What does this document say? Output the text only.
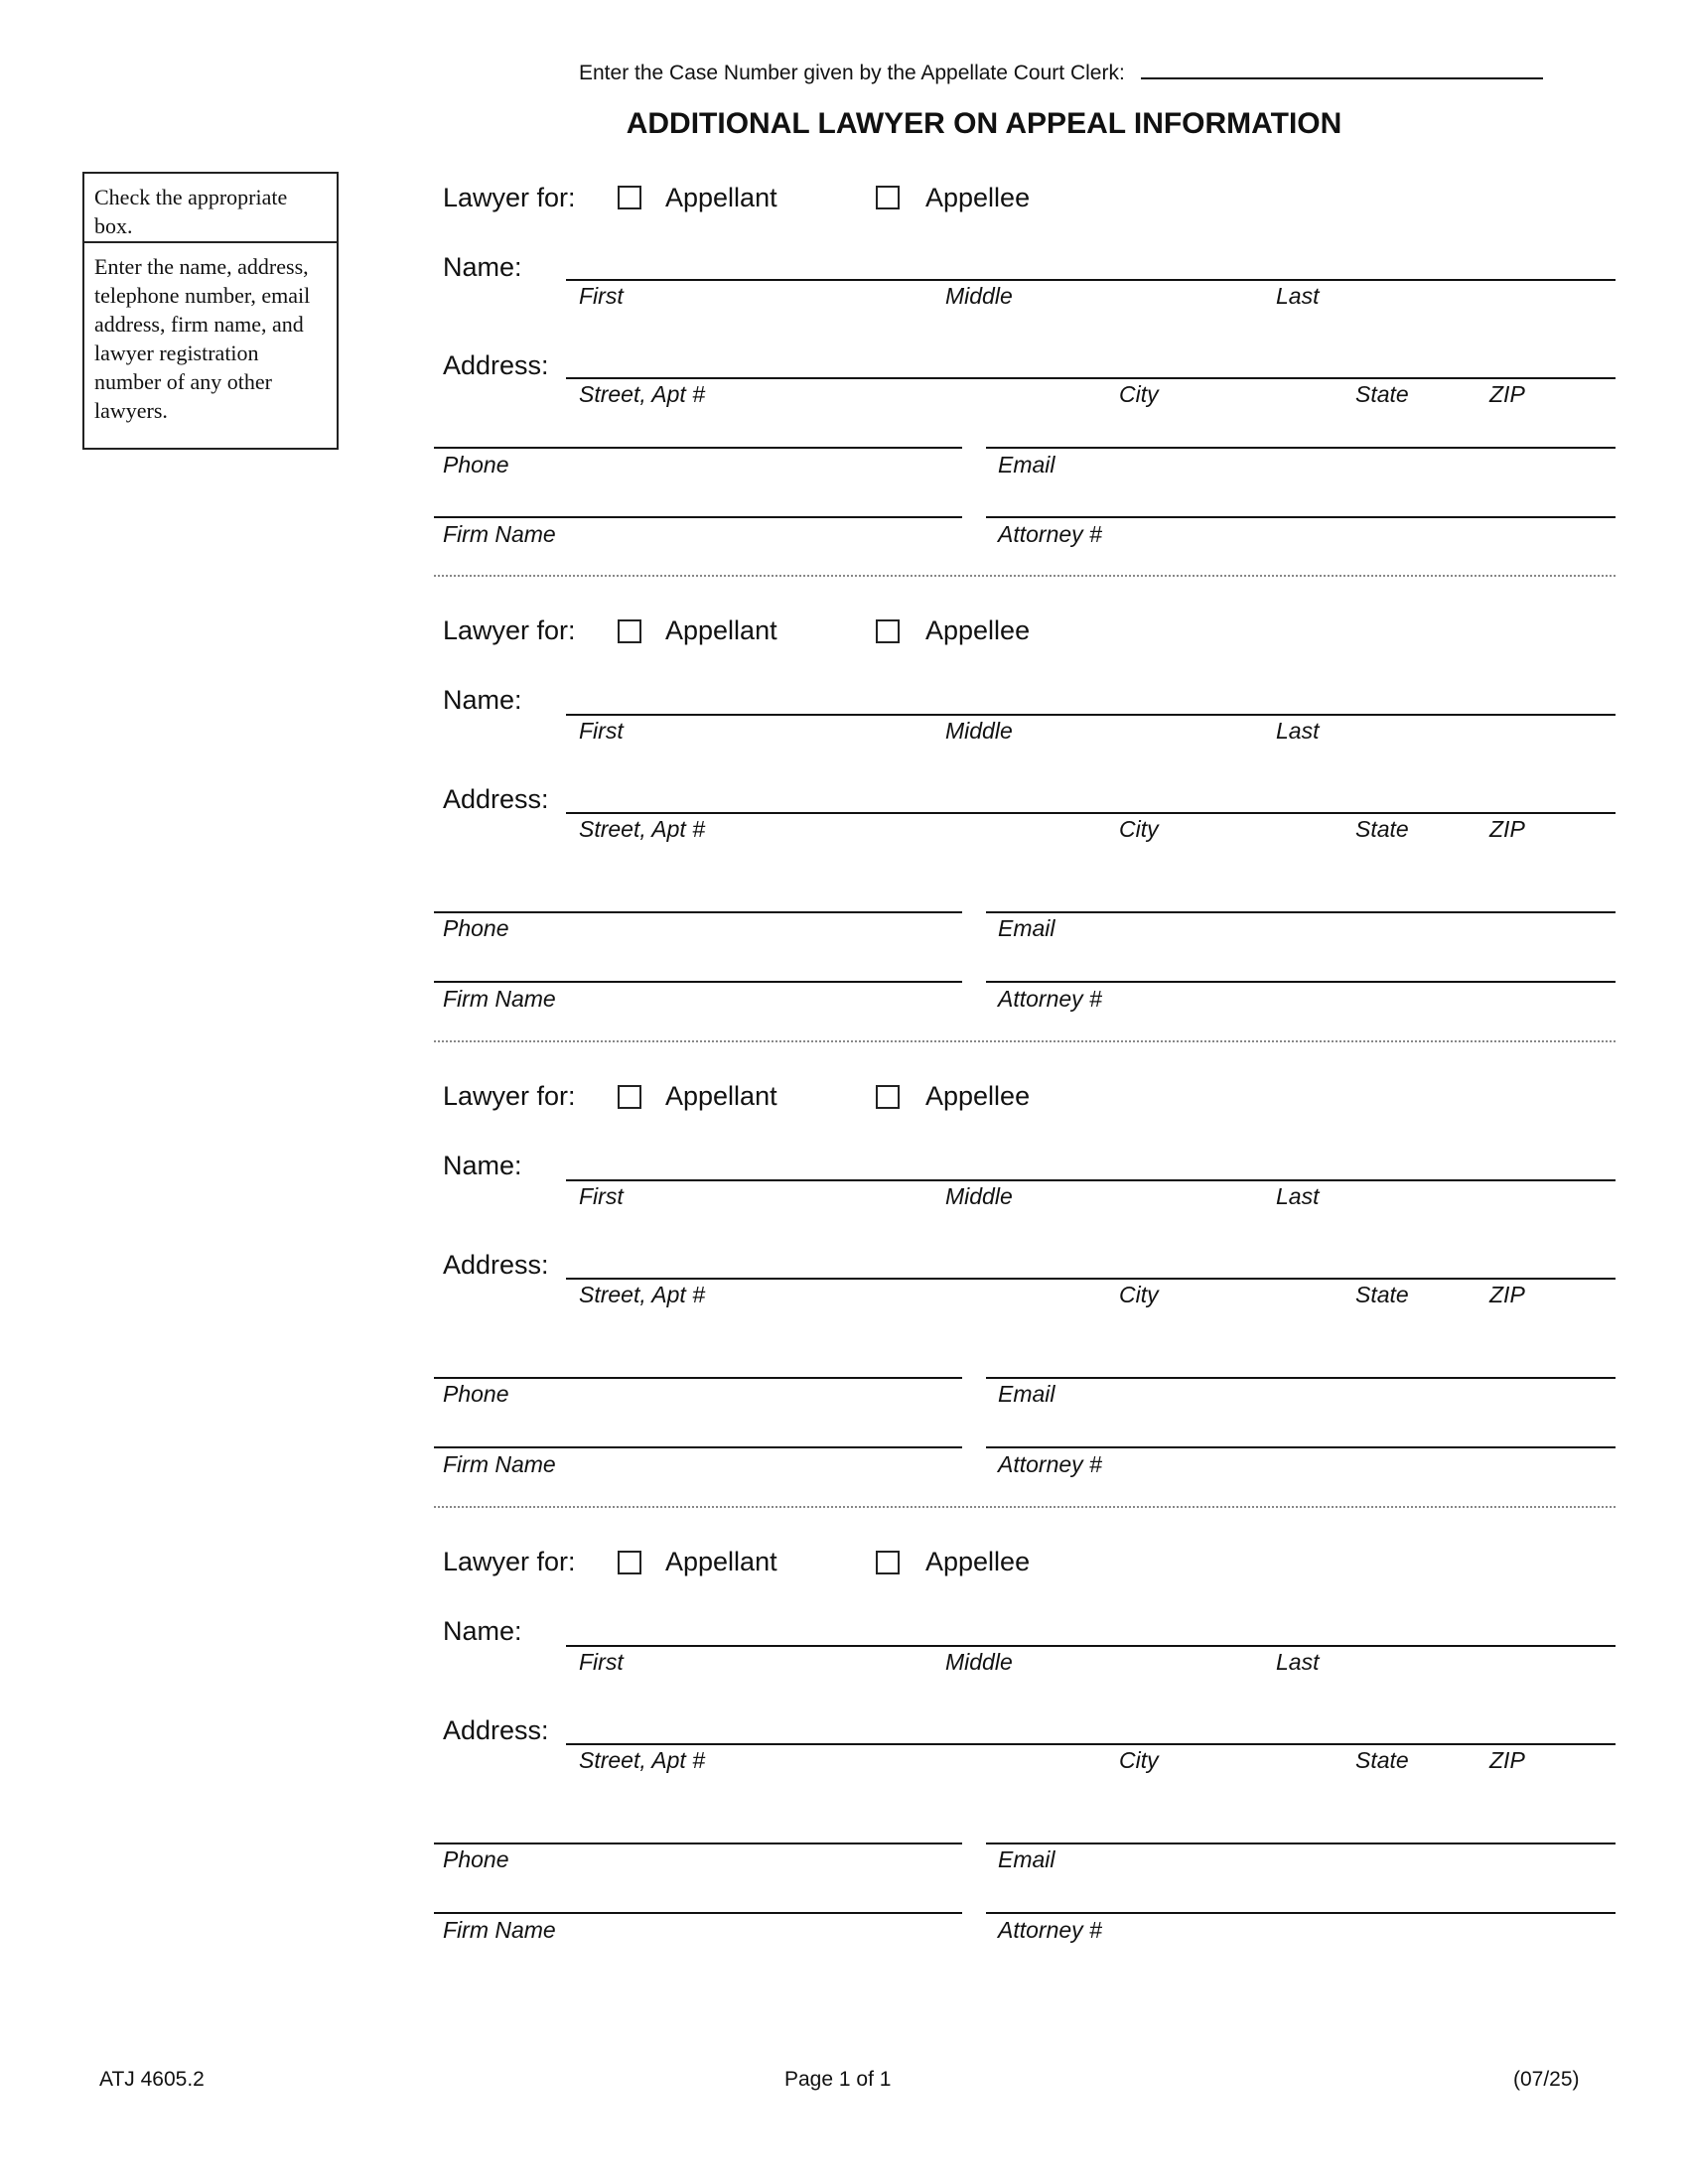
Enter the Case Number given by the Appellate Court Clerk:
ADDITIONAL LAWYER ON APPEAL INFORMATION
Check the appropriate box.
Enter the name, address, telephone number, email address, firm name, and lawyer registration number of any other lawyers.
Lawyer for:	Appellant	Appellee
Name:
First	Middle	Last
Address:
Street, Apt #	City	State	ZIP
Phone	Email
Firm Name	Attorney #
Lawyer for:	Appellant	Appellee
Name:
First	Middle	Last
Address:
Street, Apt #	City	State	ZIP
Phone	Email
Firm Name	Attorney #
Lawyer for:	Appellant	Appellee
Name:
First	Middle	Last
Address:
Street, Apt #	City	State	ZIP
Phone	Email
Firm Name	Attorney #
Lawyer for:	Appellant	Appellee
Name:
First	Middle	Last
Address:
Street, Apt #	City	State	ZIP
Phone	Email
Firm Name	Attorney #
ATJ 4605.2	Page 1 of 1	(07/25)
